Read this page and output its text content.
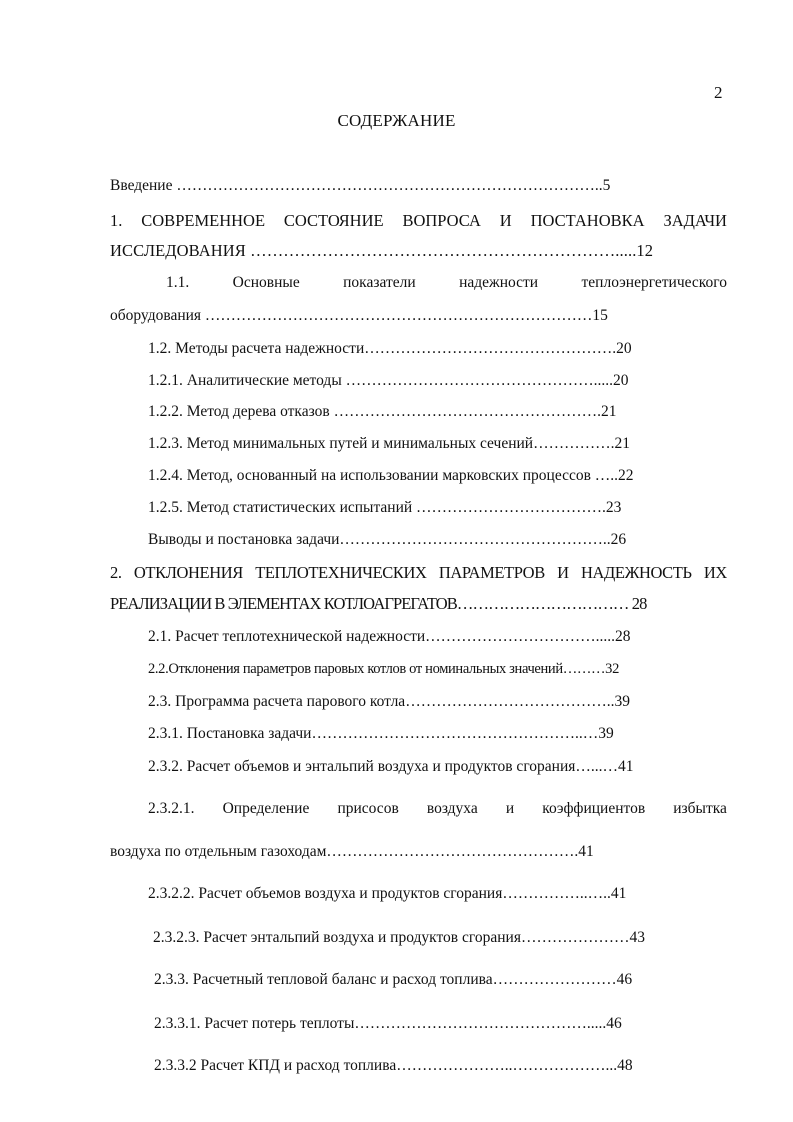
2
СОДЕРЖАНИЕ
Введение ………………………………………………………………………..5
1. СОВРЕМЕННОЕ СОСТОЯНИЕ ВОПРОСА И ПОСТАНОВКА ЗАДАЧИ
ИССЛЕДОВАНИЯ ………………………………………………………….....12
1.1.	Основные	показатели	надежности	теплоэнергетического
оборудования …………………………………………………………………15
1.2. Методы расчета надежности………………………………………….20
1.2.1. Аналитические методы ………………………………………….....20
1.2.2. Метод дерева отказов …………………………………………….21
1.2.3. Метод минимальных путей и минимальных сечений…………….21
1.2.4. Метод, основанный на использовании марковских процессов …..22
1.2.5. Метод статистических испытаний ……………………………….23
Выводы и постановка задачи……………………………………………..26
2. ОТКЛОНЕНИЯ ТЕПЛОТЕХНИЧЕСКИХ ПАРАМЕТРОВ И НАДЕЖНОСТЬ ИХ
РЕАЛИЗАЦИИ В ЭЛЕМЕНТАХ КОТЛОАГРЕГАТОВ…………………………… 28
2.1. Расчет теплотехнической надежности…………………………….....28
2.2.Отклонения параметров паровых котлов от номинальных значений………32
2.3. Программа расчета парового котла…………………………………..39
2.3.1. Постановка задачи……………………………………………..…39
2.3.2. Расчет объемов и энтальпий воздуха и продуктов сгорания…...…41
2.3.2.1. Определение присосов воздуха и коэффициентов избытка
воздуха по отдельным газоходам………………………………………….41
2.3.2.2. Расчет объемов воздуха и продуктов сгорания……………..…..41
2.3.2.3. Расчет энтальпий воздуха и продуктов сгорания…………………43
2.3.3. Расчетный тепловой баланс и расход топлива……………………46
2.3.3.1. Расчет потерь теплоты……………………………………….....46
2.3.3.2 Расчет КПД и расход топлива…………………..………………...48
